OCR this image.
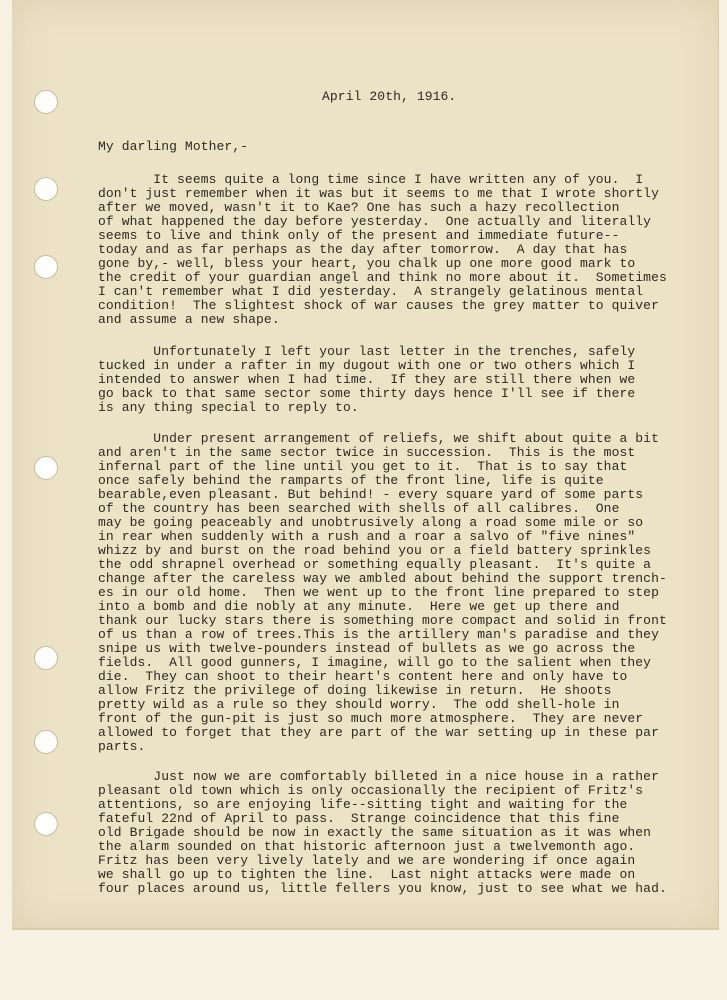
April 20th, 1916.
My darling Mother,-
It seems quite a long time since I have written any of you.  I
don't just remember when it was but it seems to me that I wrote shortly
after we moved, wasn't it to Kae? One has such a hazy recollection
of what happened the day before yesterday.  One actually and literally
seems to live and think only of the present and immediate future--
today and as far perhaps as the day after tomorrow.  A day that has
gone by,- well, bless your heart, you chalk up one more good mark to
the credit of your guardian angel and think no more about it.  Sometimes
I can't remember what I did yesterday.  A strangely gelatinous mental
condition!  The slightest shock of war causes the grey matter to quiver
and assume a new shape.
Unfortunately I left your last letter in the trenches, safely
tucked in under a rafter in my dugout with one or two others which I
intended to answer when I had time.  If they are still there when we
go back to that same sector some thirty days hence I'll see if there
is any thing special to reply to.
Under present arrangement of reliefs, we shift about quite a bit
and aren't in the same sector twice in succession.  This is the most
infernal part of the line until you get to it.  That is to say that
once safely behind the ramparts of the front line, life is quite
bearable,even pleasant. But behind! - every square yard of some parts
of the country has been searched with shells of all calibres.  One
may be going peaceably and unobtrusively along a road some mile or so
in rear when suddenly with a rush and a roar a salvo of "five nines"
whizz by and burst on the road behind you or a field battery sprinkles
the odd shrapnel overhead or something equally pleasant.  It's quite a
change after the careless way we ambled about behind the support trench-
es in our old home.  Then we went up to the front line prepared to step
into a bomb and die nobly at any minute.  Here we get up there and
thank our lucky stars there is something more compact and solid in front
of us than a row of trees.This is the artillery man's paradise and they
snipe us with twelve-pounders instead of bullets as we go across the
fields.  All good gunners, I imagine, will go to the salient when they
die.  They can shoot to their heart's content here and only have to
allow Fritz the privilege of doing likewise in return.  He shoots
pretty wild as a rule so they should worry.  The odd shell-hole in
front of the gun-pit is just so much more atmosphere.  They are never
allowed to forget that they are part of the war setting up in these par
parts.
Just now we are comfortably billeted in a nice house in a rather
pleasant old town which is only occasionally the recipient of Fritz's
attentions, so are enjoying life--sitting tight and waiting for the
fateful 22nd of April to pass.  Strange coincidence that this fine
old Brigade should be now in exactly the same situation as it was when
the alarm sounded on that historic afternoon just a twelvemonth ago.
Fritz has been very lively lately and we are wondering if once again
we shall go up to tighten the line.  Last night attacks were made on
four places around us, little fellers you know, just to see what we had.
